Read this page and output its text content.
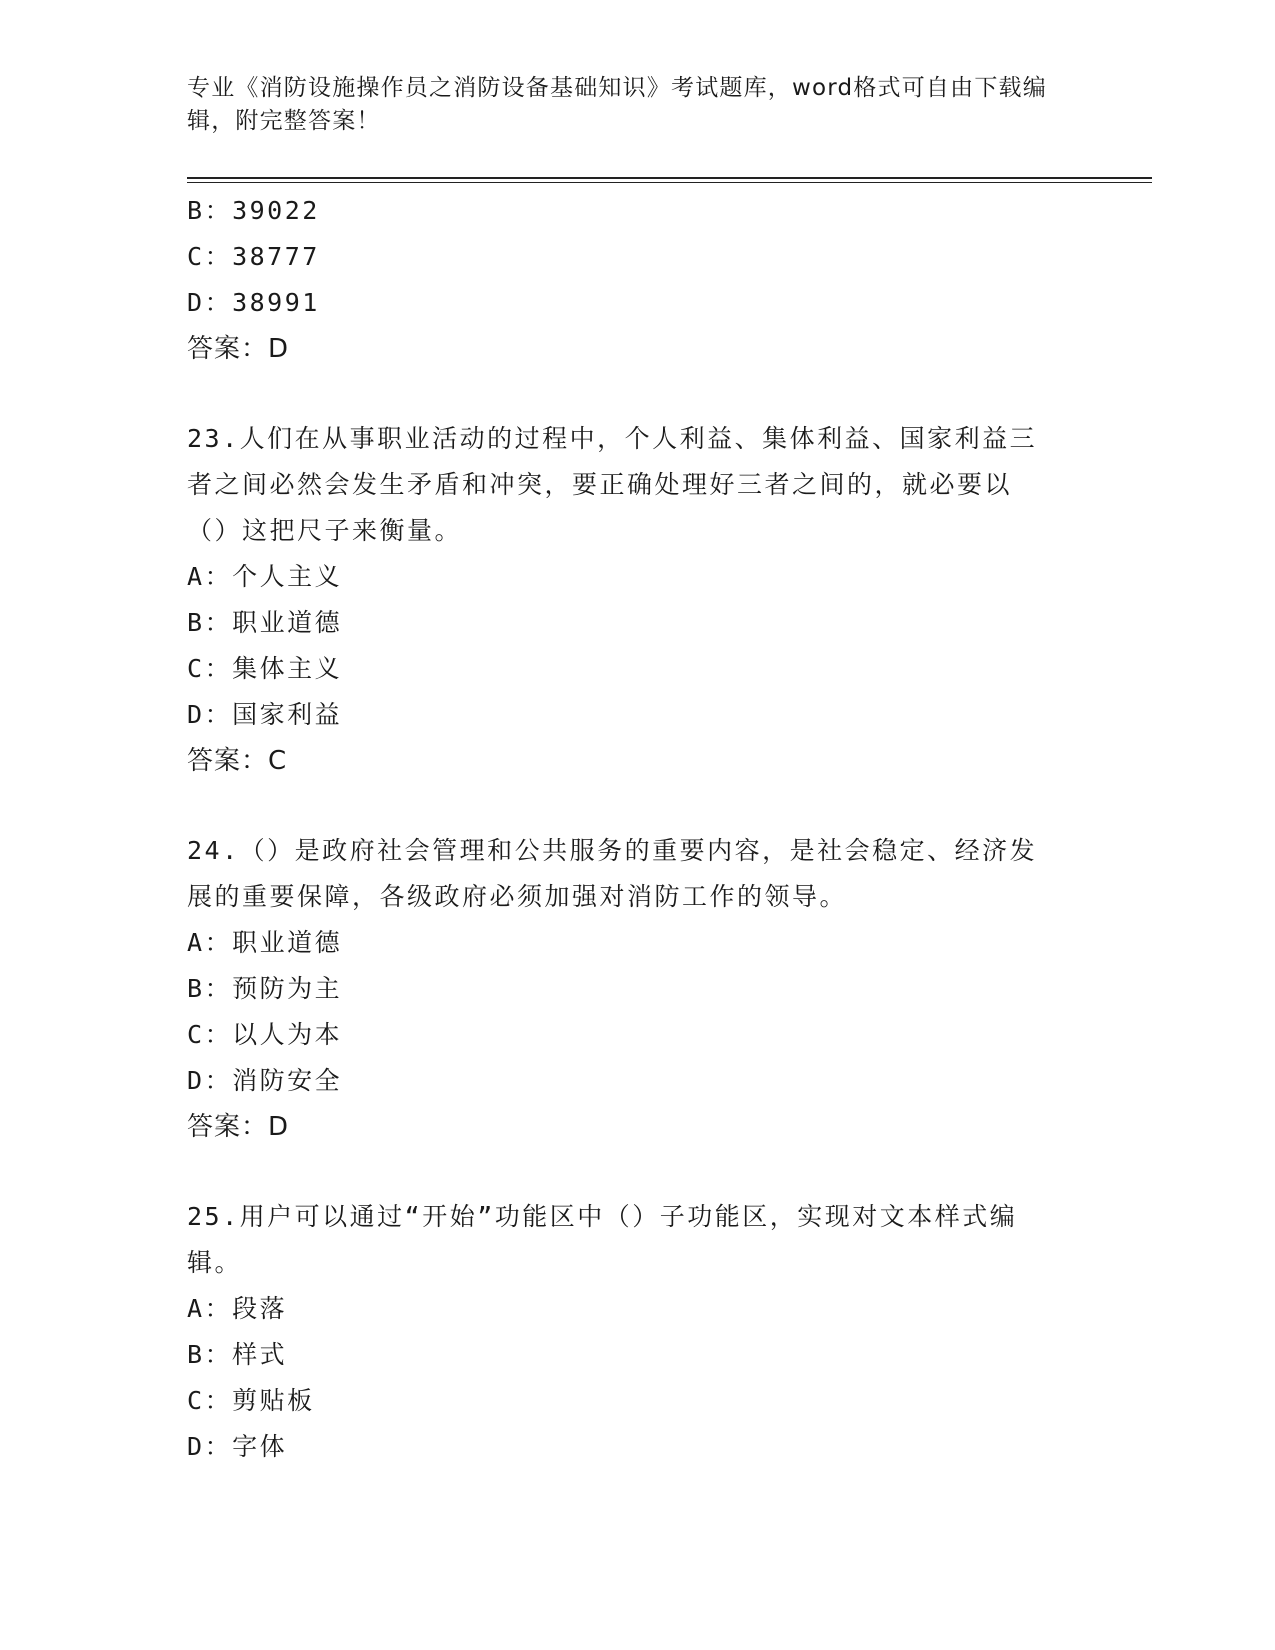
专业《消防设施操作员之消防设备基础知识》考试题库，word格式可自由下载编辑，附完整答案！

B：39022

C：38777

D：38991

答案：D

23.人们在从事职业活动的过程中，个人利益、集体利益、国家利益三

者之间必然会发生矛盾和冲突，要正确处理好三者之间的，就必要以

（）这把尺子来衡量。

A：个人主义

B：职业道德

C：集体主义

D：国家利益

答案：C

24.（）是政府社会管理和公共服务的重要内容，是社会稳定、经济发

展的重要保障，各级政府必须加强对消防工作的领导。

A：职业道德

B：预防为主

C：以人为本

D：消防安全

答案：D

25.用户可以通过“开始”功能区中（）子功能区，实现对文本样式编

辑。

A：段落

B：样式

C：剪贴板

D：字体
